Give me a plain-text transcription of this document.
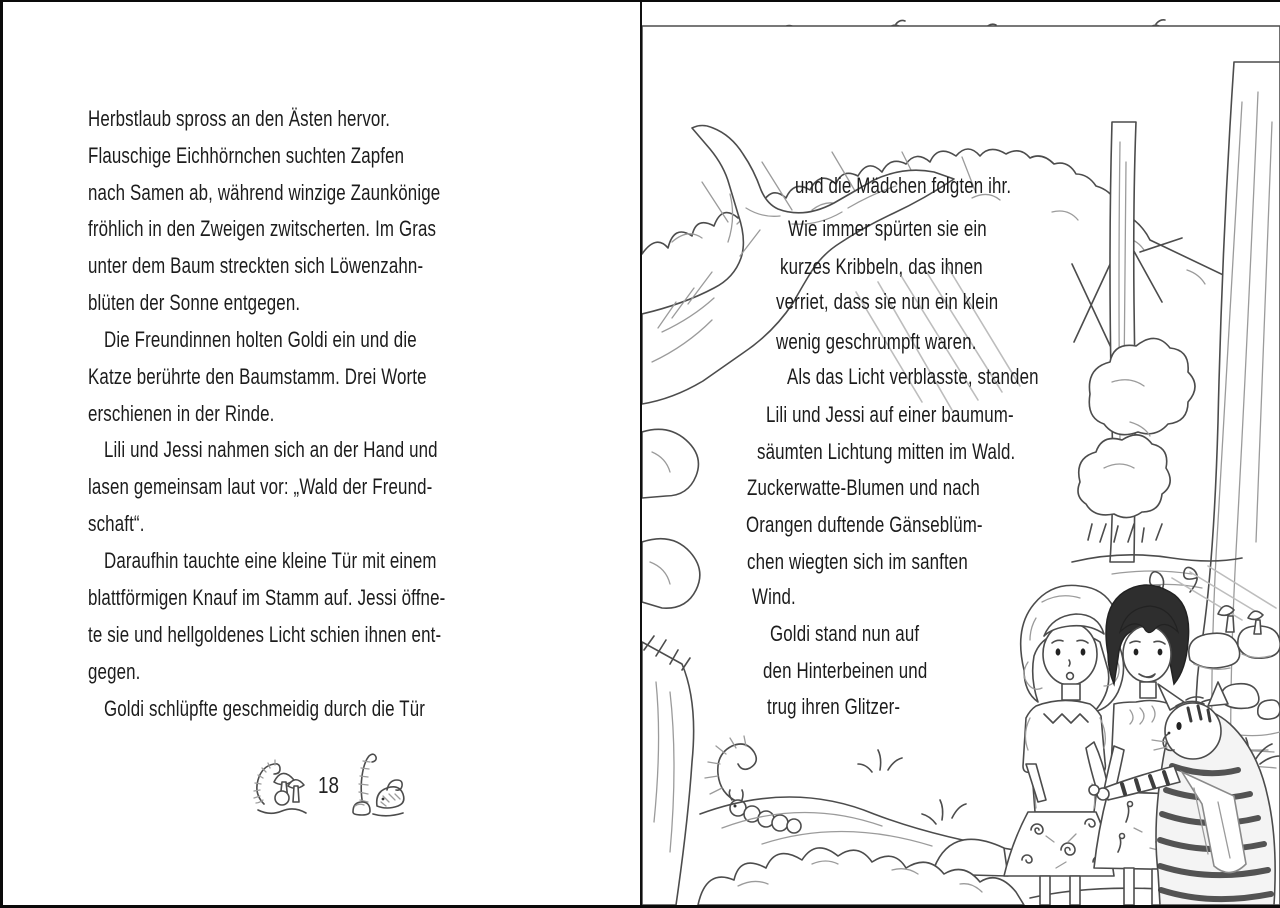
Herbstlaub spross an den Ästen hervor.
Flauschige Eichhörnchen suchten Zapfen
nach Samen ab, während winzige Zaunkönige
fröhlich in den Zweigen zwitscherten. Im Gras
unter dem Baum streckten sich Löwenzahn-
blüten der Sonne entgegen.
Die Freundinnen holten Goldi ein und die
Katze berührte den Baumstamm. Drei Worte
erschienen in der Rinde.
Lili und Jessi nahmen sich an der Hand und
lasen gemeinsam laut vor: „Wald der Freund-
schaft“.
Daraufhin tauchte eine kleine Tür mit einem
blattförmigen Knauf im Stamm auf. Jessi öffne-
te sie und hellgoldenes Licht schien ihnen ent-
gegen.
Goldi schlüpfte geschmeidig durch die Tür
18
und die Mädchen folgten ihr.
Wie immer spürten sie ein
kurzes Kribbeln, das ihnen
verriet, dass sie nun ein klein
wenig geschrumpft waren.
Als das Licht verblasste, standen
Lili und Jessi auf einer baumum-
säumten Lichtung mitten im Wald.
Zuckerwatte-Blumen und nach
Orangen duftende Gänseblüm-
chen wiegten sich im sanften
Wind.
Goldi stand nun auf
den Hinterbeinen und
trug ihren Glitzer-
